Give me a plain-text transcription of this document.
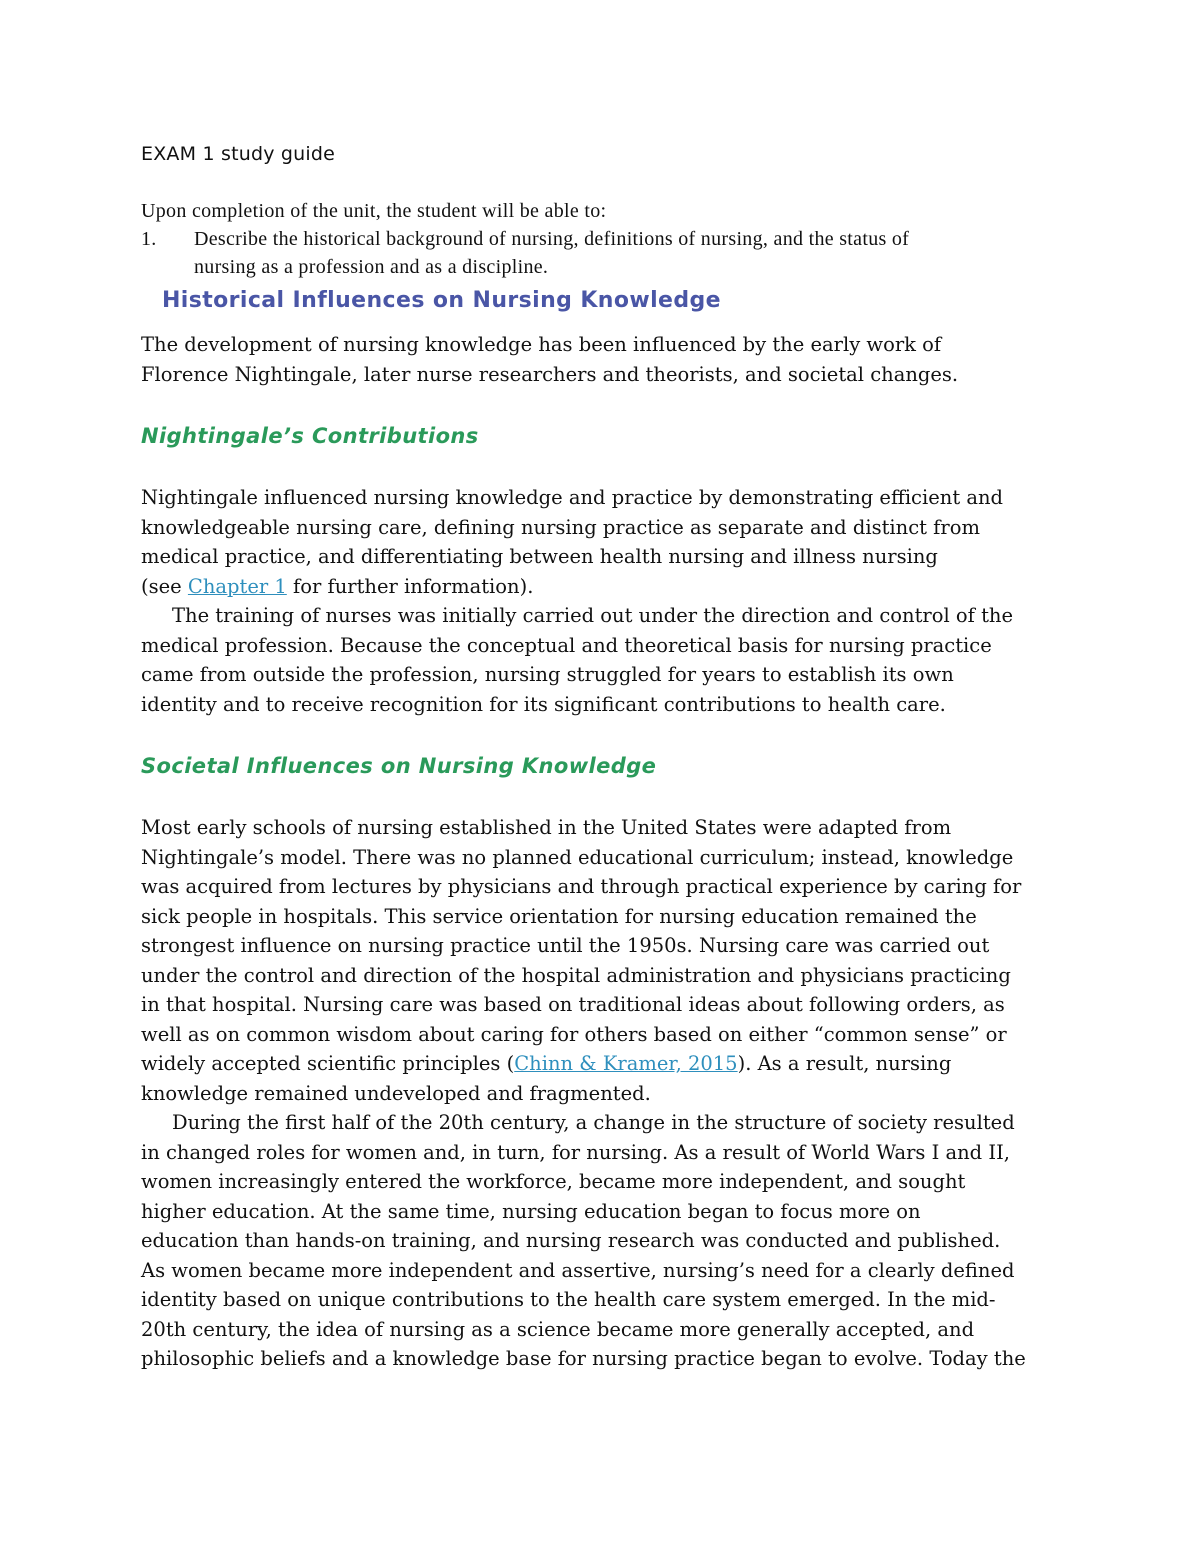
EXAM 1 study guide
Upon completion of the unit, the student will be able to:
1.	Describe the historical background of nursing, definitions of nursing, and the status of
nursing as a profession and as a discipline.
Historical Influences on Nursing Knowledge

The development of nursing knowledge has been influenced by the early work of
Florence Nightingale, later nurse researchers and theorists, and societal changes.

Nightingale’s Contributions

Nightingale influenced nursing knowledge and practice by demonstrating efficient and
knowledgeable nursing care, defining nursing practice as separate and distinct from
medical practice, and differentiating between health nursing and illness nursing
(see Chapter 1 for further information).

The training of nurses was initially carried out under the direction and control of the
medical profession. Because the conceptual and theoretical basis for nursing practice
came from outside the profession, nursing struggled for years to establish its own
identity and to receive recognition for its significant contributions to health care.

Societal Influences on Nursing Knowledge

Most early schools of nursing established in the United States were adapted from
Nightingale’s model. There was no planned educational curriculum; instead, knowledge
was acquired from lectures by physicians and through practical experience by caring for
sick people in hospitals. This service orientation for nursing education remained the
strongest influence on nursing practice until the 1950s. Nursing care was carried out
under the control and direction of the hospital administration and physicians practicing
in that hospital. Nursing care was based on traditional ideas about following orders, as
well as on common wisdom about caring for others based on either “common sense” or
widely accepted scientific principles (Chinn & Kramer, 2015). As a result, nursing
knowledge remained undeveloped and fragmented.

During the first half of the 20th century, a change in the structure of society resulted
in changed roles for women and, in turn, for nursing. As a result of World Wars I and II,
women increasingly entered the workforce, became more independent, and sought
higher education. At the same time, nursing education began to focus more on
education than hands-on training, and nursing research was conducted and published.
As women became more independent and assertive, nursing’s need for a clearly defined
identity based on unique contributions to the health care system emerged. In the mid-
20th century, the idea of nursing as a science became more generally accepted, and
philosophic beliefs and a knowledge base for nursing practice began to evolve. Today the
